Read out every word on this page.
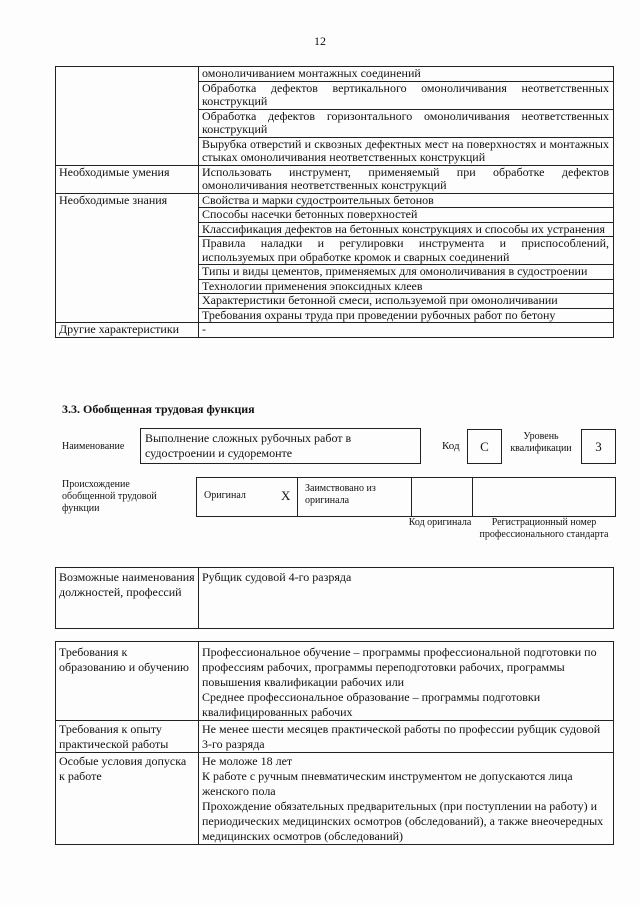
12
	омоноличиванием монтажных соединений
	Обработка дефектов вертикального омоноличивания неответственных конструкций
	Обработка дефектов горизонтального омоноличивания неответственных конструкций
	Вырубка отверстий и сквозных дефектных мест на поверхностях и монтажных стыках омоноличивания неответственных конструкций
Необходимые умения	Использовать инструмент, применяемый при обработке дефектов омоноличивания неответственных конструкций
Необходимые знания	Свойства и марки судостроительных бетонов
	Способы насечки бетонных поверхностей
	Классификация дефектов на бетонных конструкциях и способы их устранения
	Правила наладки и регулировки инструмента и приспособлений, используемых при обработке кромок и сварных соединений
	Типы и виды цементов, применяемых для омоноличивания в судостроении
	Технологии применения эпоксидных клеев
	Характеристики бетонной смеси, используемой при омоноличивании
	Требования охраны труда при проведении рубочных работ по бетону
Другие характеристики	-
3.3. Обобщенная трудовая функция
Наименование
Выполнение сложных рубочных работ в судостроении и судоремонте	Код	С
Уровень квалификации	3
Происхождение обобщенной трудовой функции
Оригинал	X Заимствовано из оригинала
Код оригинала	Регистрационный номер профессионального стандарта
Возможные наименования должностей, профессий	Рубщик судовой 4-го разряда
Требования к образованию и обучению	Профессиональное обучение – программы профессиональной подготовки по профессиям рабочих, программы переподготовки рабочих, программы повышения квалификации рабочих или
Среднее профессиональное образование – программы подготовки квалифицированных рабочих

Требования к опыту практической работы	Не менее шести месяцев практической работы по профессии рубщик судовой 3-го разряда

Особые условия допуска к работе	Не моложе 18 лет
К работе с ручным пневматическим инструментом не допускаются лица женского пола
Прохождение обязательных предварительных (при поступлении на работу) и периодических медицинских осмотров (обследований), а также внеочередных медицинских осмотров (обследований)
